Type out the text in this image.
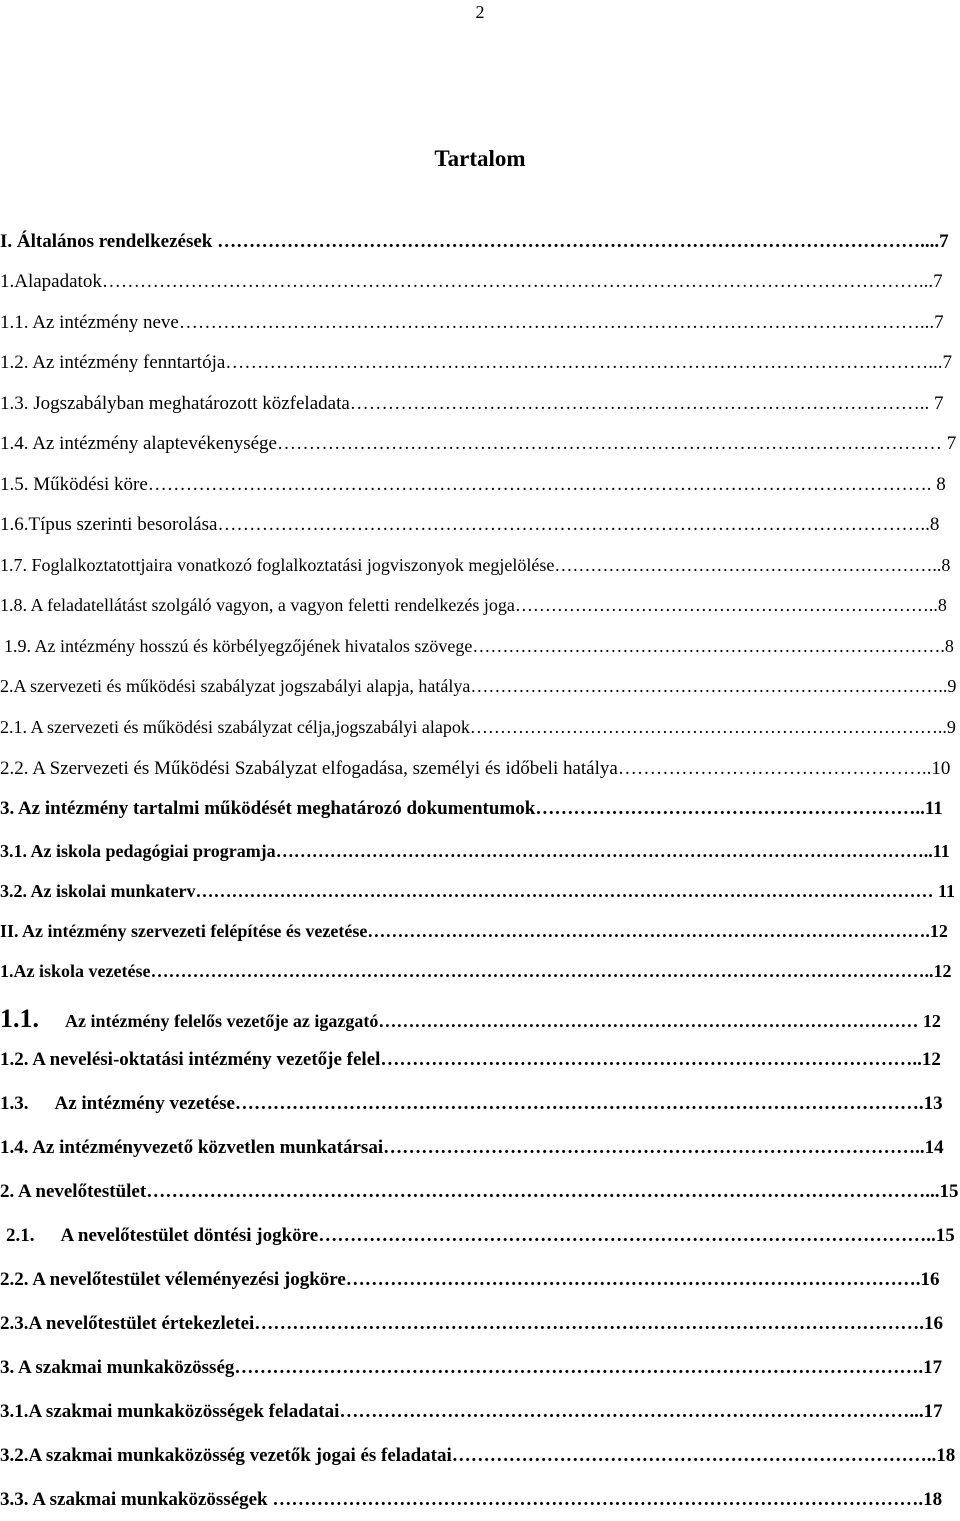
2
Tartalom
I. Általános rendelkezések …………………………………………………………………………………………………....7
1.Alapadatok…………………………………………………………………………………………………………………...7
1.1. Az intézmény neve………………………………………………………………………………………………………...7
1.2. Az intézmény fenntartója…………………………………………………………………………………………………...7
1.3. Jogszabályban meghatározott közfeladata……………………………………………………………………………….. 7
1.4. Az intézmény alaptevékenysége…………………………………………………………………………………………… 7
1.5. Működési köre……………………………………………………………………………………………………………. 8
1.6.Típus szerinti besorolása…………………………………………………………………………………………………..8
1.7. Foglalkoztatottjaira vonatkozó foglalkoztatási jogviszonyok megjelölése………………………………………………………..8
1.8. A feladatellátást szolgáló vagyon, a vagyon feletti rendelkezés joga……………………………………………………………..8
1.9. Az intézmény hosszú és körbélyegzőjének hivatalos szövege…………………………………………………………………….8
2.A szervezeti és működési szabályzat jogszabályi alapja, hatálya……………………………………………………………………..9
2.1. A szervezeti és működési szabályzat célja,jogszabályi alapok……………………………………………………………………..9
2.2. A Szervezeti és Működési Szabályzat elfogadása, személyi és időbeli hatálya…………………………………………..10
3. Az intézmény tartalmi működését meghatározó dokumentumok……………………………………………………..11
3.1. Az iskola pedagógiai programja………………………………………………………………………………………………..11
3.2. Az iskolai munkaterv…………………………………………………………………………………………………………… 11
II. Az intézmény szervezeti felépítése és vezetése………………………………………………………………………………….12
1.Az iskola vezetése…………………………………………………………………………………………………………………..12
1.1. Az intézmény felelős vezetője az igazgató……………………………………………………………………………… 12
1.2. A nevelési-oktatási intézmény vezetője felel…………………………………………………………………………..12
1.3. Az intézmény vezetése……………………………………………………………………………………………….13
1.4. Az intézményvezető közvetlen munkatársai…………………………………………………………………………..14
2. A nevelőtestület……………………………………………………………………………………………………………...15
2.1. A nevelőtestület döntési jogköre……………………………………………………………………………………..15
2.2. A nevelőtestület véleményezési jogköre……………………………………………………………………………….16
2.3.A nevelőtestület értekezletei…………………………………………………………………………………………….16
3. A szakmai munkaközösség……………………………………………………………………………………………….17
3.1.A szakmai munkaközösségek feladatai………………………………………………………………………………...17
3.2.A szakmai munkaközösség vezetők jogai és feladatai…………………………………………………………………..18
3.3. A szakmai munkaközösségek ………………………………………………………………………………………….18
